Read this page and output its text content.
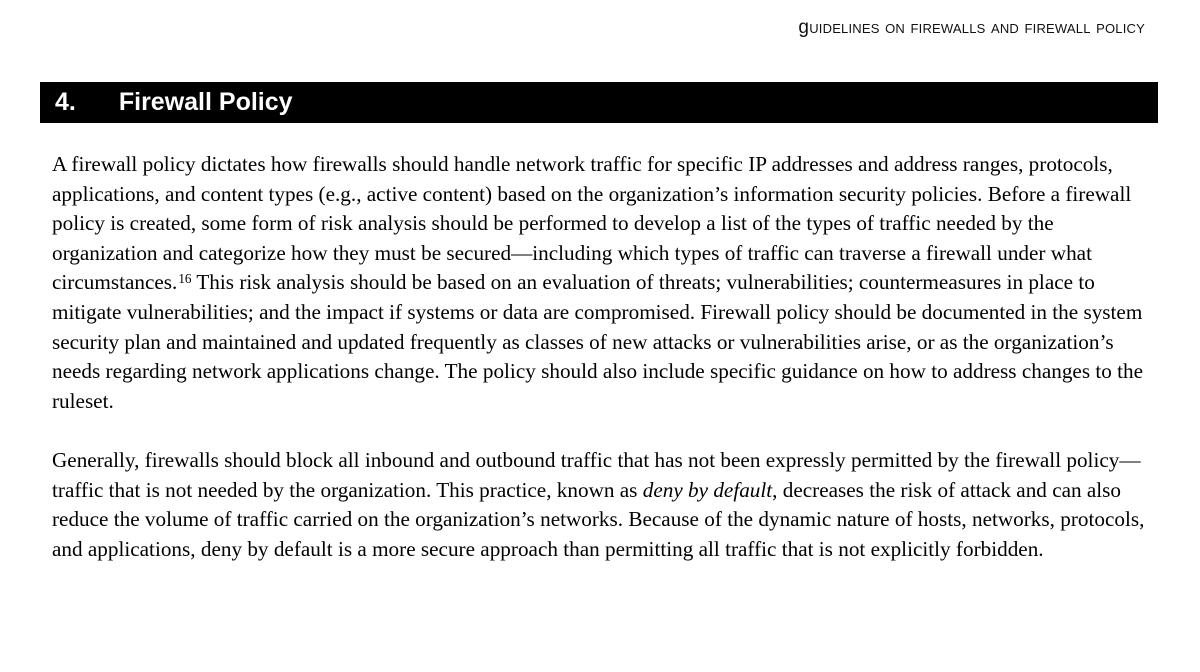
guidelines on firewalls and firewall policy
4. Firewall Policy

A firewall policy dictates how firewalls should handle network traffic for specific IP addresses and address ranges, protocols, applications, and content types (e.g., active content) based on the organization’s information security policies. Before a firewall policy is created, some form of risk analysis should be performed to develop a list of the types of traffic needed by the organization and categorize how they must be secured—including which types of traffic can traverse a firewall under what circumstances.$^{16}$ This risk analysis should be based on an evaluation of threats; vulnerabilities; countermeasures in place to mitigate vulnerabilities; and the impact if systems or data are compromised. Firewall policy should be documented in the system security plan and maintained and updated frequently as classes of new attacks or vulnerabilities arise, or as the organization’s needs regarding network applications change. The policy should also include specific guidance on how to address changes to the ruleset.

Generally, firewalls should block all inbound and outbound traffic that has not been expressly permitted by the firewall policy—traffic that is not needed by the organization. This practice, known as deny by default, decreases the risk of attack and can also reduce the volume of traffic carried on the organization’s networks. Because of the dynamic nature of hosts, networks, protocols, and applications, deny by default is a more secure approach than permitting all traffic that is not explicitly forbidden.
